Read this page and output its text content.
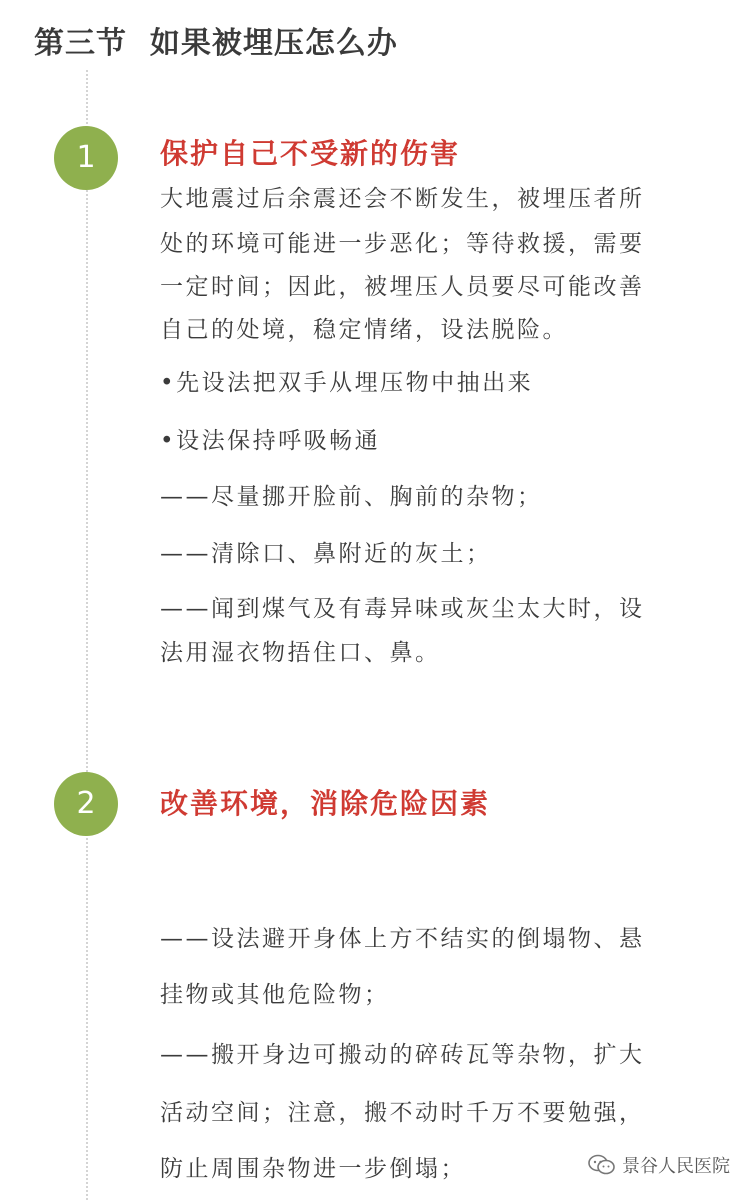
第三节  如果被埋压怎么办
1	保护自己不受新的伤害

大地震过后余震还会不断发生，被埋压者所

处的环境可能进一步恶化；等待救援，需要

一定时间；因此，被埋压人员要尽可能改善

自己的处境，稳定情绪，设法脱险。

•先设法把双手从埋压物中抽出来

•设法保持呼吸畅通

——尽量挪开脸前、胸前的杂物；

——清除口、鼻附近的灰土；

——闻到煤气及有毒异味或灰尘太大时，设

法用湿衣物捂住口、鼻。

2	改善环境，消除危险因素

——设法避开身体上方不结实的倒塌物、悬

挂物或其他危险物；

——搬开身边可搬动的碎砖瓦等杂物，扩大

活动空间；注意，搬不动时千万不要勉强，

防止周围杂物进一步倒塌；	景谷人民医院
